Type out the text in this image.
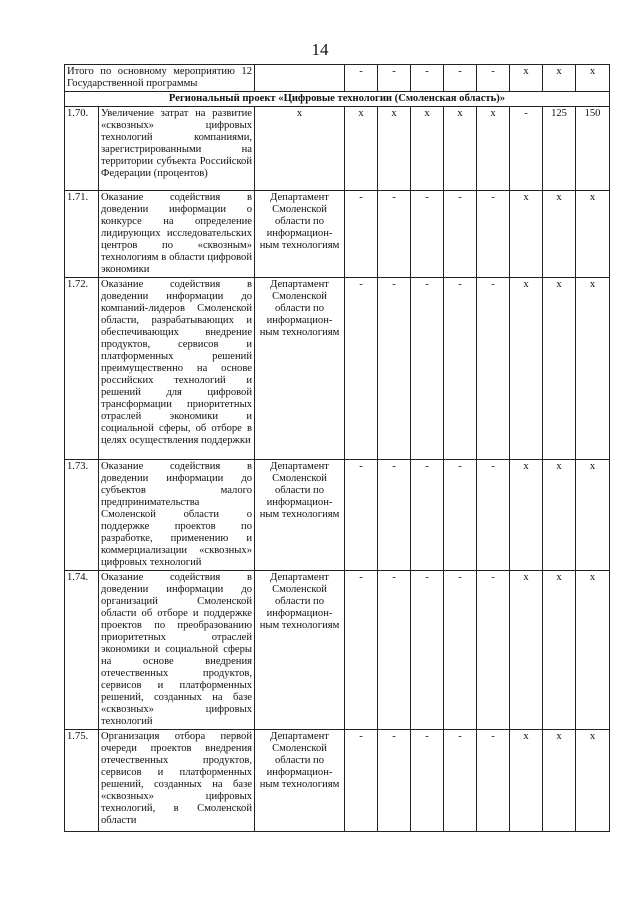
14
Итого по основному мероприятию 12 Государственной программы			-	-	-	-	-	х	х	х
Региональный проект «Цифровые технологии (Смоленская область)»										
1.70.	Увеличение затрат на развитие «сквозных» цифровых технологий компаниями, зарегистрированными на территории субъекта Российской Федерации (процентов)	х	х	х	х	х	х	-	125	150
1.71.	Оказание содействия в доведении информации о конкурсе на определение лидирующих исследовательских центров по «сквозным» технологиям в области цифровой экономики	Департамент Смоленской области по информацион-ным технологиям	-	-	-	-	-	х	х	х
1.72.	Оказание содействия в доведении информации до компаний-лидеров Смоленской области, разрабатывающих и обеспечивающих внедрение продуктов, сервисов и платформенных решений преимущественно на основе российских технологий и решений для цифровой трансформации приоритетных отраслей экономики и социальной сферы, об отборе в целях осуществления поддержки	Департамент Смоленской области по информацион-ным технологиям	-	-	-	-	-	х	х	х
1.73.	Оказание содействия в доведении информации до субъектов малого предпринимательства Смоленской области о поддержке проектов по разработке, применению и коммерциализации «сквозных» цифровых технологий	Департамент Смоленской области по информацион-ным технологиям	-	-	-	-	-	х	х	х
1.74.	Оказание содействия в доведении информации до организаций Смоленской области об отборе и поддержке проектов по преобразованию приоритетных отраслей экономики и социальной сферы на основе внедрения отечественных продуктов, сервисов и платформенных решений, созданных на базе «сквозных» цифровых технологий	Департамент Смоленской области по информацион-ным технологиям	-	-	-	-	-	х	х	х
1.75.	Организация отбора первой очереди проектов внедрения отечественных продуктов, сервисов и платформенных решений, созданных на базе «сквозных» цифровых технологий, в Смоленской области	Департамент Смоленской области по информацион-ным технологиям	-	-	-	-	-	х	х	х
